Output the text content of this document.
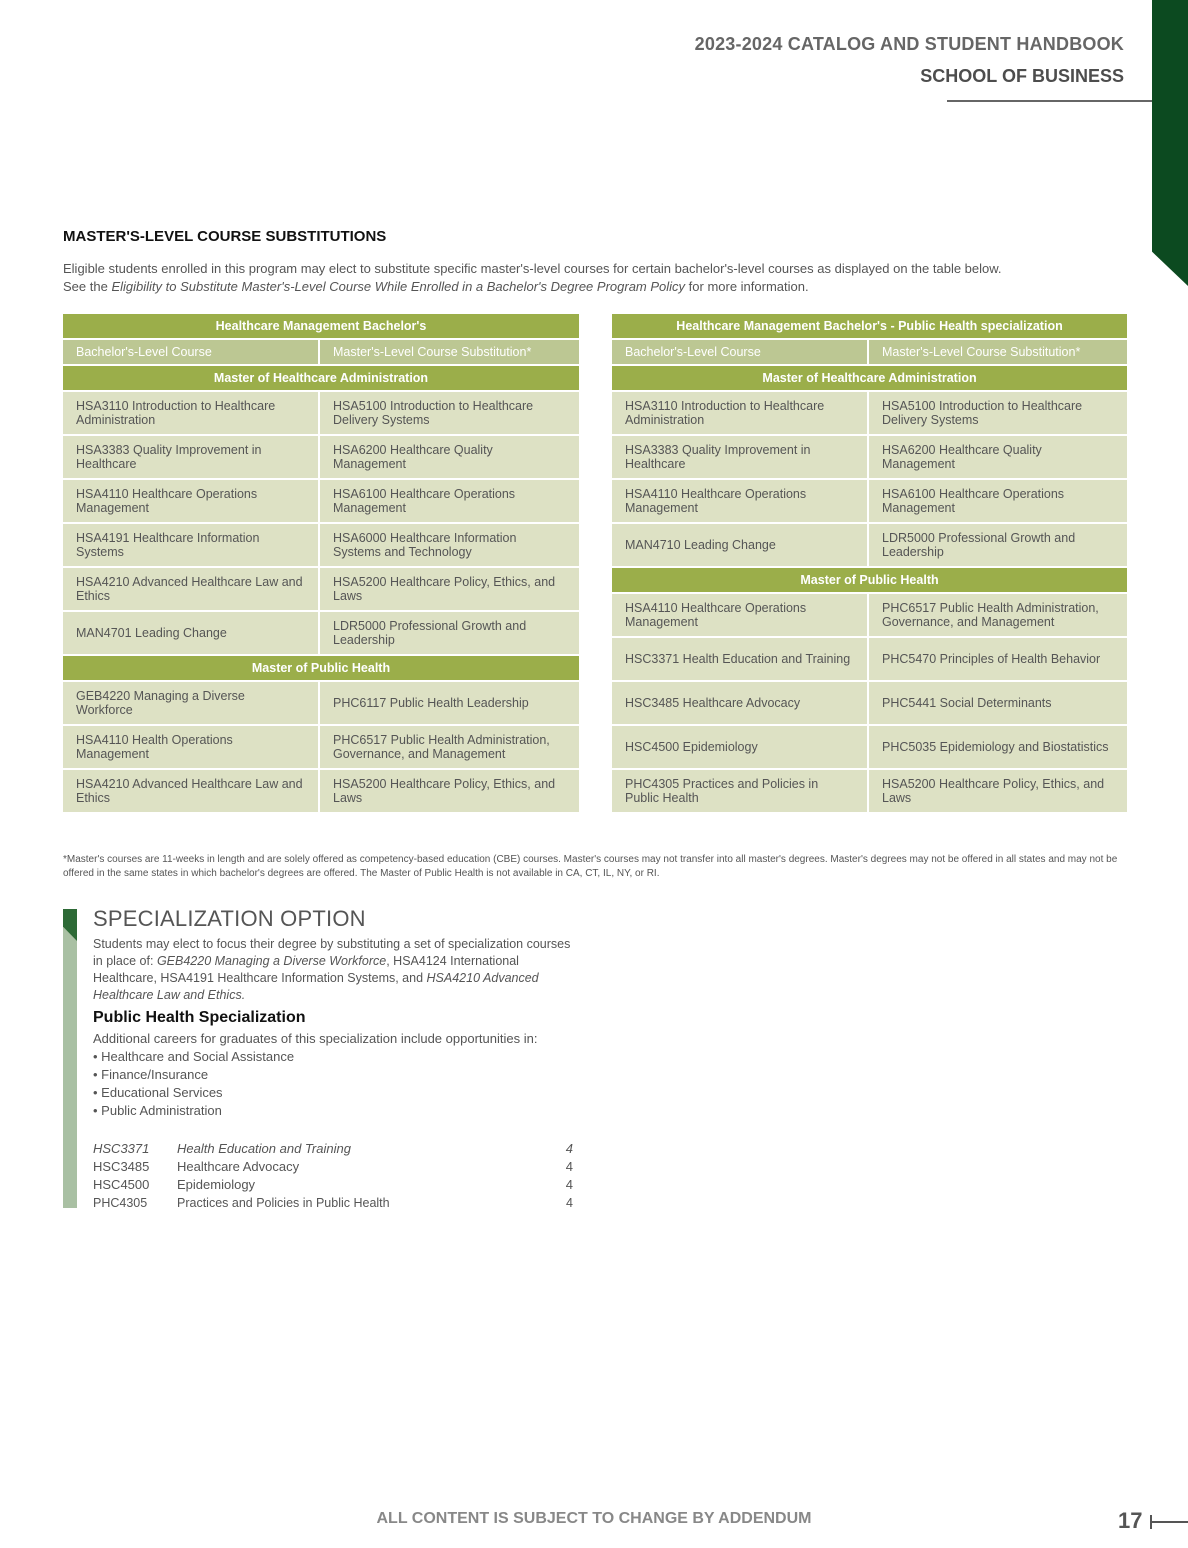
2023-2024 CATALOG AND STUDENT HANDBOOK
SCHOOL OF BUSINESS
MASTER'S-LEVEL COURSE SUBSTITUTIONS

Eligible students enrolled in this program may elect to substitute specific master's-level courses for certain bachelor's-level courses as displayed on the table below.
See the Eligibility to Substitute Master's-Level Course While Enrolled in a Bachelor's Degree Program Policy for more information.

Healthcare Management Bachelor's	
Bachelor's-Level Course	Master's-Level Course Substitution*
Master of Healthcare Administration	
HSA3110 Introduction to Healthcare Administration	HSA5100 Introduction to Healthcare Delivery Systems
HSA3383 Quality Improvement in Healthcare	HSA6200 Healthcare Quality Management
HSA4110 Healthcare Operations Management	HSA6100 Healthcare Operations Management
HSA4191 Healthcare Information Systems	HSA6000 Healthcare Information Systems and Technology
HSA4210 Advanced Healthcare Law and Ethics	HSA5200 Healthcare Policy, Ethics, and Laws
MAN4701 Leading Change	LDR5000 Professional Growth and Leadership
Master of Public Health	
GEB4220 Managing a Diverse Workforce	PHC6117 Public Health Leadership
HSA4110 Health Operations Management	PHC6517 Public Health Administration, Governance, and Management
HSA4210 Advanced Healthcare Law and Ethics	HSA5200 Healthcare Policy, Ethics, and Laws
Healthcare Management Bachelor's - Public Health specialization	
Bachelor's-Level Course	Master's-Level Course Substitution*
Master of Healthcare Administration	
HSA3110 Introduction to Healthcare Administration	HSA5100 Introduction to Healthcare Delivery Systems
HSA3383 Quality Improvement in Healthcare	HSA6200 Healthcare Quality Management
HSA4110 Healthcare Operations Management	HSA6100 Healthcare Operations Management
MAN4710 Leading Change	LDR5000 Professional Growth and Leadership
Master of Public Health	
HSA4110 Healthcare Operations Management	PHC6517 Public Health Administration, Governance, and Management
HSC3371 Health Education and Training	PHC5470 Principles of Health Behavior
HSC3485 Healthcare Advocacy	PHC5441 Social Determinants
HSC4500 Epidemiology	PHC5035 Epidemiology and Biostatistics
PHC4305 Practices and Policies in Public Health	HSA5200 Healthcare Policy, Ethics, and Laws

*Master's courses are 11-weeks in length and are solely offered as competency-based education (CBE) courses. Master's courses may not transfer into all master's degrees. Master's degrees may not be offered in all states and may not be offered in the same states in which bachelor's degrees are offered. The Master of Public Health is not available in CA, CT, IL, NY, or RI.

SPECIALIZATION OPTION

Students may elect to focus their degree by substituting a set of specialization courses in place of: GEB4220 Managing a Diverse Workforce, HSA4124 International Healthcare, HSA4191 Healthcare Information Systems, and HSA4210 Advanced Healthcare Law and Ethics.

Public Health Specialization

Additional careers for graduates of this specialization include opportunities in:

• Healthcare and Social Assistance
• Finance/Insurance
• Educational Services
• Public Administration
HSC3371	Health Education and Training	4
HSC3485	Healthcare Advocacy	4
HSC4500	Epidemiology	4
PHC4305	Practices and Policies in Public Health	4
ALL CONTENT IS SUBJECT TO CHANGE BY ADDENDUM	17
